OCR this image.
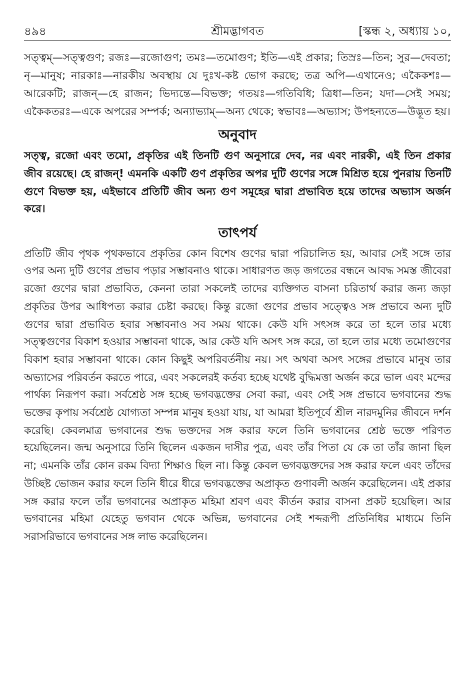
৪৯৪	শ্রীমদ্ভাগবত	[স্কন্ধ ২, অধ্যায় ১০,

সত্ত্বম্—সত্ত্বগুণ; রজঃ—রজোগুণ; তমঃ—তমোগুণ; ইতি—এই প্রকার; তিস্রঃ—তিন; সুর—দেবতা; নৃ—মানুষ; নারকাঃ—নারকীয় অবস্থায় যে দুঃখ-কষ্ট ভোগ করছে; তত্র অপি—এখানেও; একৈকশঃ—আরেকটি; রাজন্—হে রাজন; ভিদ্যন্তে—বিভক্ত; গতয়ঃ—গতিবিধি; ত্রিধা—তিন; যদা—সেই সময়; একৈকতরঃ—একে অপরের সম্পর্ক; অন্যাভ্যাম্—অন্য থেকে; স্বভাবঃ—অভ্যাস; উপহন্যতে—উদ্ভূত হয়।

অনুবাদ

সত্ত্ব, রজো এবং তমো, প্রকৃতির এই তিনটি গুণ অনুসারে দেব, নর এবং নারকী, এই তিন প্রকার জীব রয়েছে। হে রাজন্! এমনকি একটি গুণ প্রকৃতির অপর দুটি গুণের সঙ্গে মিশ্রিত হয়ে পুনরায় তিনটি গুণে বিভক্ত হয়, এইভাবে প্রতিটি জীব অন্য গুণ সমূহের দ্বারা প্রভাবিত হয়ে তাদের অভ্যাস অর্জন করে।

তাৎপর্য

প্রতিটি জীব পৃথক পৃথকভাবে প্রকৃতির কোন বিশেষ গুণের দ্বারা পরিচালিত হয়, আবার সেই সঙ্গে তার ওপর অন্য দুটি গুণের প্রভাব পড়ার সম্ভাবনাও থাকে। সাধারণত জড় জগতের বন্ধনে আবদ্ধ সমস্ত জীবেরা রজো গুণের দ্বারা প্রভাবিত, কেননা তারা সকলেই তাদের ব্যক্তিগত বাসনা চরিতার্থ করার জন্য জড়া প্রকৃতির উপর আধিপত্য করার চেষ্টা করছে। কিন্তু রজো গুণের প্রভাব সত্ত্বেও সঙ্গ প্রভাবে অন্য দুটি গুণের দ্বারা প্রভাবিত হবার সম্ভাবনাও সব সময় থাকে। কেউ যদি সৎসঙ্গ করে তা হলে তার মধ্যে সত্ত্বগুণের বিকাশ হওয়ার সম্ভাবনা থাকে, আর কেউ যদি অসৎ সঙ্গ করে, তা হলে তার মধ্যে তমোগুণের বিকাশ হবার সম্ভাবনা থাকে। কোন কিছুই অপরিবর্তনীয় নয়। সৎ অথবা অসৎ সঙ্গের প্রভাবে মানুষ তার অভ্যাসের পরিবর্তন করতে পারে, এবং সকলেরই কর্তব্য হচ্ছে যথেষ্ট বুদ্ধিমত্তা অর্জন করে ভাল এবং মন্দের পার্থক্য নিরূপণ করা। সর্বশ্রেষ্ঠ সঙ্গ হচ্ছে ভগবদ্ভক্তের সেবা করা, এবং সেই সঙ্গ প্রভাবে ভগবানের শুদ্ধ ভক্তের কৃপায় সর্বশ্রেষ্ঠ যোগ্যতা সম্পন্ন মানুষ হওয়া যায়, যা আমরা ইতিপূর্বে শ্রীল নারদমুনির জীবনে দর্শন করেছি। কেবলমাত্র ভগবানের শুদ্ধ ভক্তদের সঙ্গ করার ফলে তিনি ভগবানের শ্রেষ্ঠ ভক্তে পরিণত হয়েছিলেন। জন্ম অনুসারে তিনি ছিলেন একজন দাসীর পুত্র, এবং তাঁর পিতা যে কে তা তাঁর জানা ছিল না; এমনকি তাঁর কোন রকম বিদ্যা শিক্ষাও ছিল না। কিন্তু কেবল ভগবদ্ভক্তদের সঙ্গ করার ফলে এবং তাঁদের উচ্ছিষ্ট ভোজন করার ফলে তিনি ধীরে ধীরে ভগবদ্ভক্তের অপ্রাকৃত গুণাবলী অর্জন করেছিলেন। এই প্রকার সঙ্গ করার ফলে তাঁর ভগবানের অপ্রাকৃত মহিমা শ্রবণ এবং কীর্তন করার বাসনা প্রকট হয়েছিল। আর ভগবানের মহিমা যেহেতু ভগবান থেকে অভিন্ন, ভগবানের সেই শব্দরূপী প্রতিনিধির মাধ্যমে তিনি সরাসরিভাবে ভগবানের সঙ্গ লাভ করেছিলেন।
